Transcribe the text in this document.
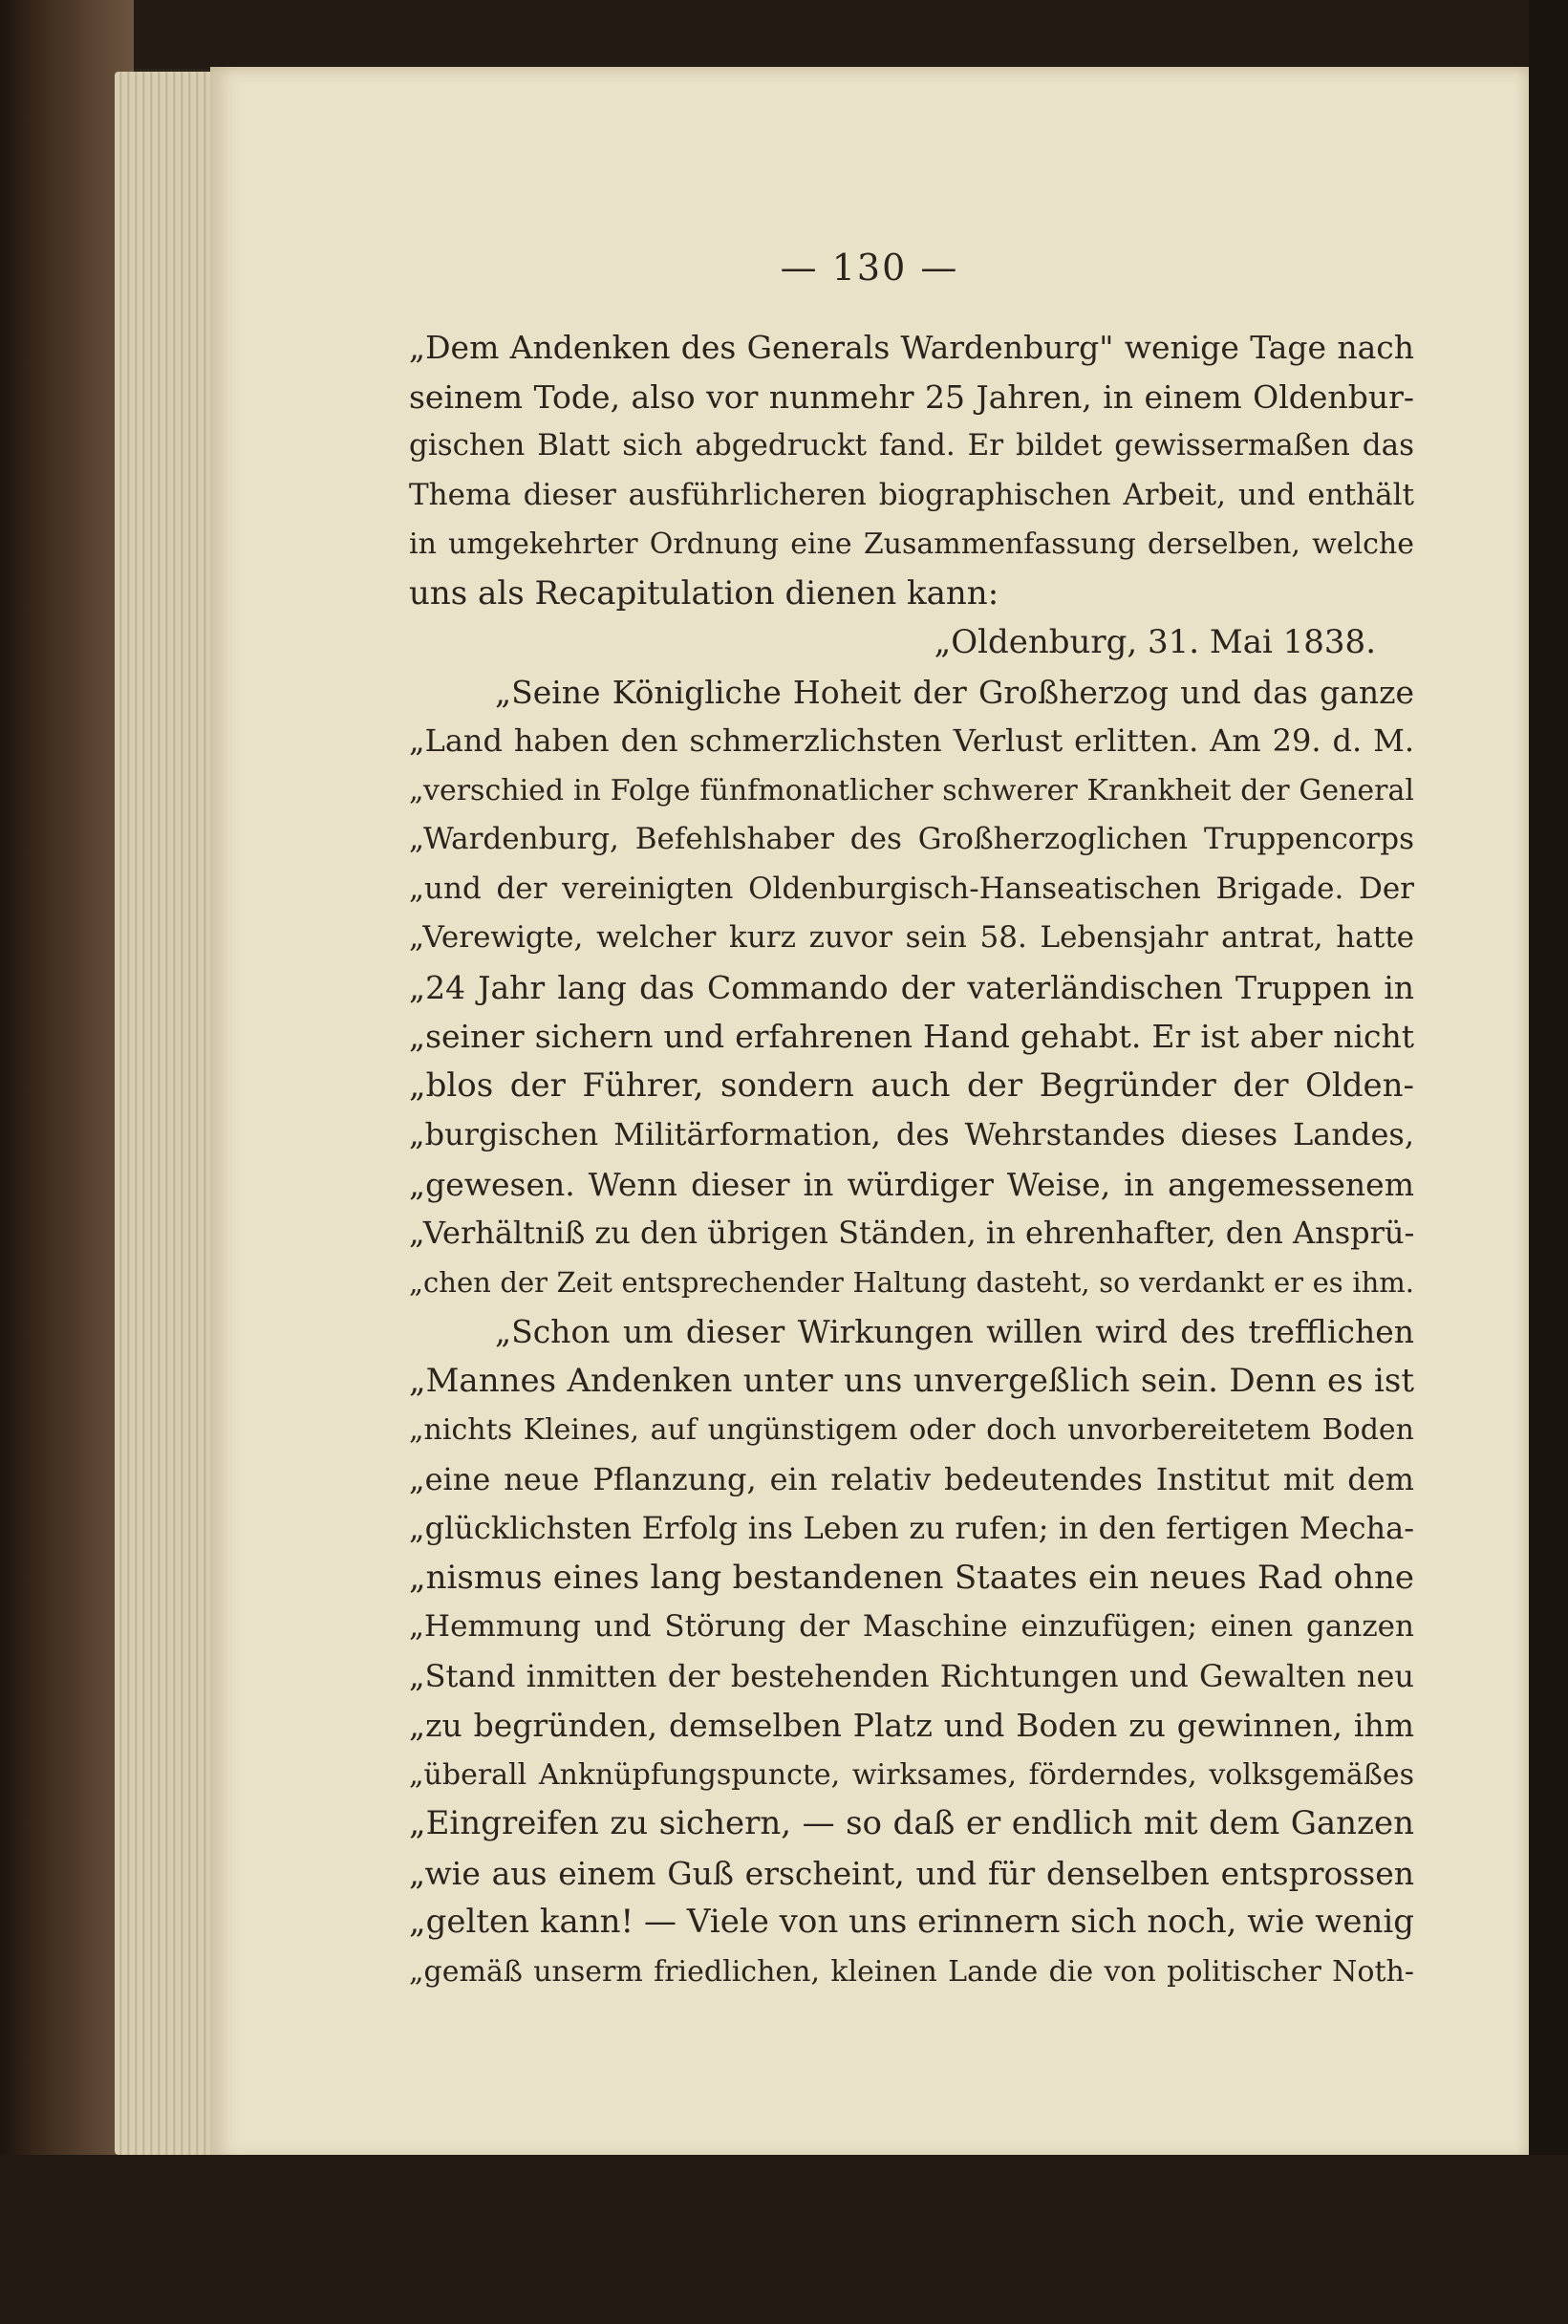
— 130 —
„Dem Andenken des Generals Wardenburg" wenige Tage nach
seinem Tode, also vor nunmehr 25 Jahren, in einem Oldenbur-
gischen Blatt sich abgedruckt fand. Er bildet gewissermaßen das
Thema dieser ausführlicheren biographischen Arbeit, und enthält
in umgekehrter Ordnung eine Zusammenfassung derselben, welche
uns als Recapitulation dienen kann:
„Oldenburg, 31. Mai 1838.
„Seine Königliche Hoheit der Großherzog und das ganze
„Land haben den schmerzlichsten Verlust erlitten. Am 29. d. M.
„verschied in Folge fünfmonatlicher schwerer Krankheit der General
„Wardenburg, Befehlshaber des Großherzoglichen Truppencorps
„und der vereinigten Oldenburgisch-Hanseatischen Brigade. Der
„Verewigte, welcher kurz zuvor sein 58. Lebensjahr antrat, hatte
„24 Jahr lang das Commando der vaterländischen Truppen in
„seiner sichern und erfahrenen Hand gehabt. Er ist aber nicht
„blos der Führer, sondern auch der Begründer der Olden-
„burgischen Militärformation, des Wehrstandes dieses Landes,
„gewesen. Wenn dieser in würdiger Weise, in angemessenem
„Verhältniß zu den übrigen Ständen, in ehrenhafter, den Ansprü-
„chen der Zeit entsprechender Haltung dasteht, so verdankt er es ihm.
„Schon um dieser Wirkungen willen wird des trefflichen
„Mannes Andenken unter uns unvergeßlich sein. Denn es ist
„nichts Kleines, auf ungünstigem oder doch unvorbereitetem Boden
„eine neue Pflanzung, ein relativ bedeutendes Institut mit dem
„glücklichsten Erfolg ins Leben zu rufen; in den fertigen Mecha-
„nismus eines lang bestandenen Staates ein neues Rad ohne
„Hemmung und Störung der Maschine einzufügen; einen ganzen
„Stand inmitten der bestehenden Richtungen und Gewalten neu
„zu begründen, demselben Platz und Boden zu gewinnen, ihm
„überall Anknüpfungspuncte, wirksames, förderndes, volksgemäßes
„Eingreifen zu sichern, — so daß er endlich mit dem Ganzen
„wie aus einem Guß erscheint, und für denselben entsprossen
„gelten kann! — Viele von uns erinnern sich noch, wie wenig
„gemäß unserm friedlichen, kleinen Lande die von politischer Noth-
